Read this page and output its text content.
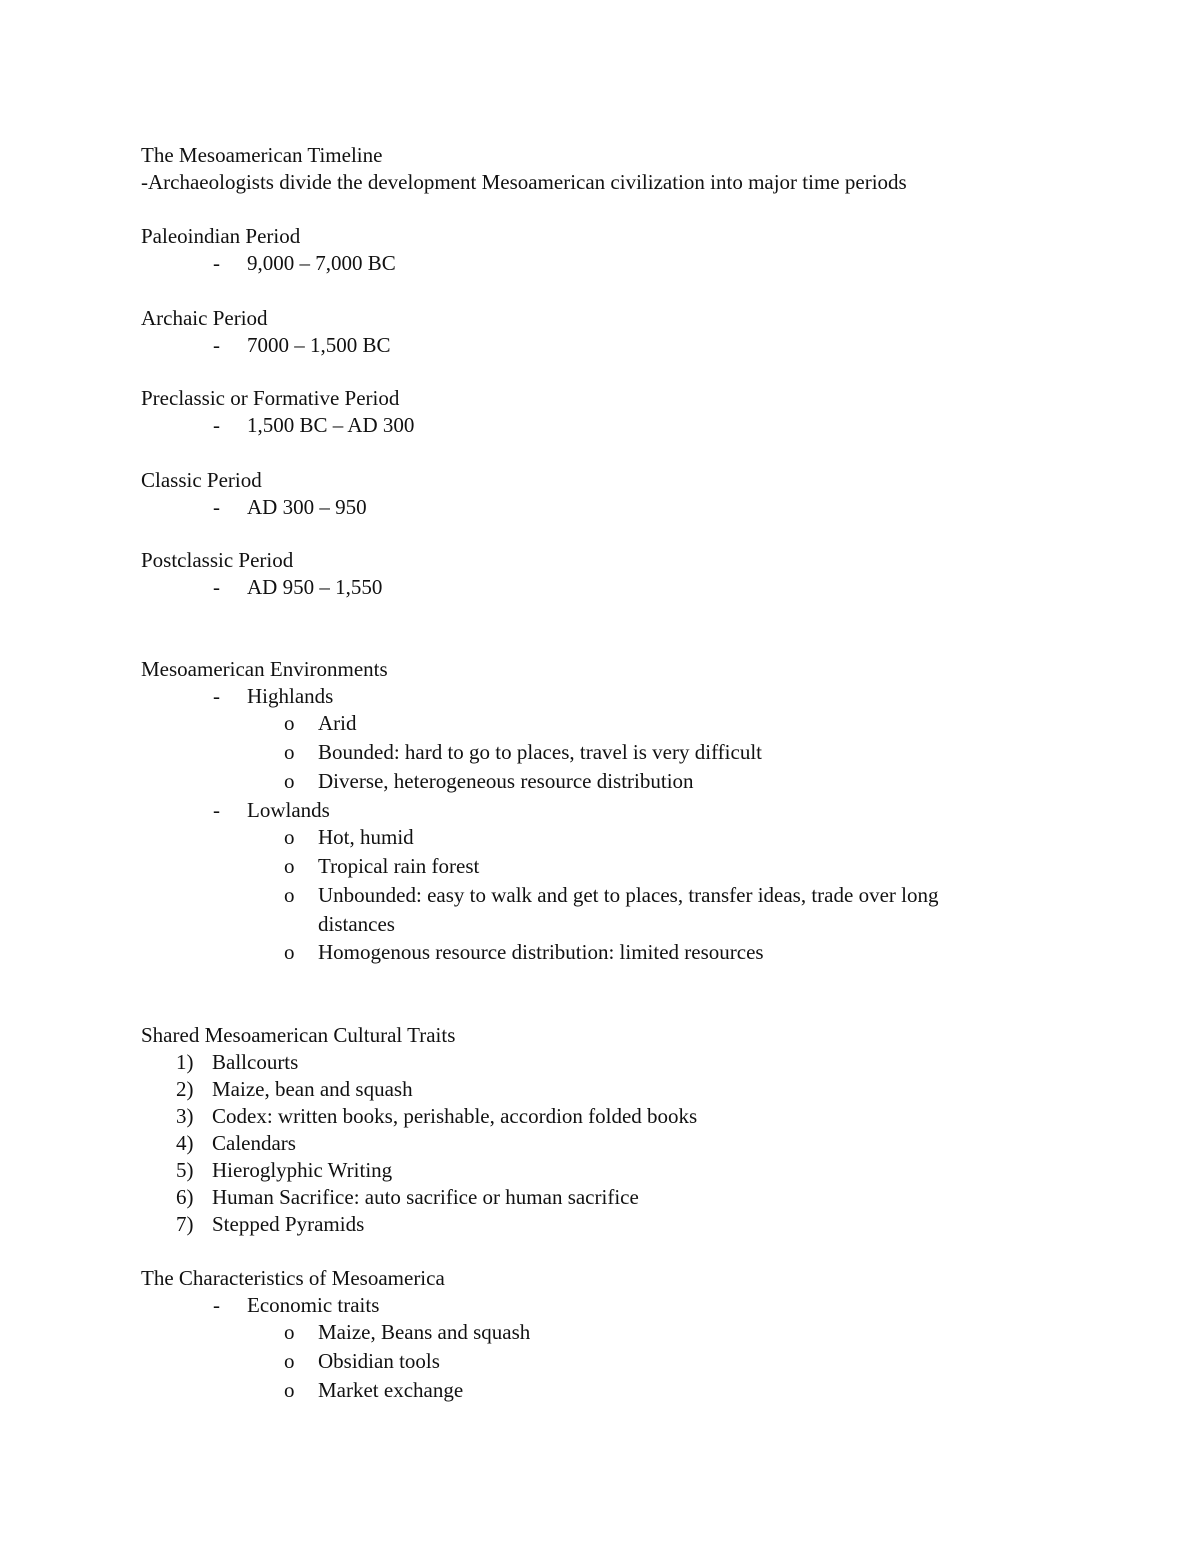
The Mesoamerican Timeline
-Archaeologists divide the development Mesoamerican civilization into major time periods
Paleoindian Period
- 9,000 – 7,000 BC
Archaic Period
- 7000 – 1,500 BC
Preclassic or Formative Period
- 1,500 BC – AD 300
Classic Period
- AD 300 – 950
Postclassic Period
- AD 950 – 1,550
Mesoamerican Environments
- Highlands
o Arid
o Bounded: hard to go to places, travel is very difficult
o Diverse, heterogeneous resource distribution
- Lowlands
o Hot, humid
o Tropical rain forest
o Unbounded: easy to walk and get to places, transfer ideas, trade over long
distances
o Homogenous resource distribution: limited resources
Shared Mesoamerican Cultural Traits
1) Ballcourts
2) Maize, bean and squash
3) Codex: written books, perishable, accordion folded books
4) Calendars
5) Hieroglyphic Writing
6) Human Sacrifice: auto sacrifice or human sacrifice
7) Stepped Pyramids
The Characteristics of Mesoamerica
- Economic traits
o Maize, Beans and squash
o Obsidian tools
o Market exchange
